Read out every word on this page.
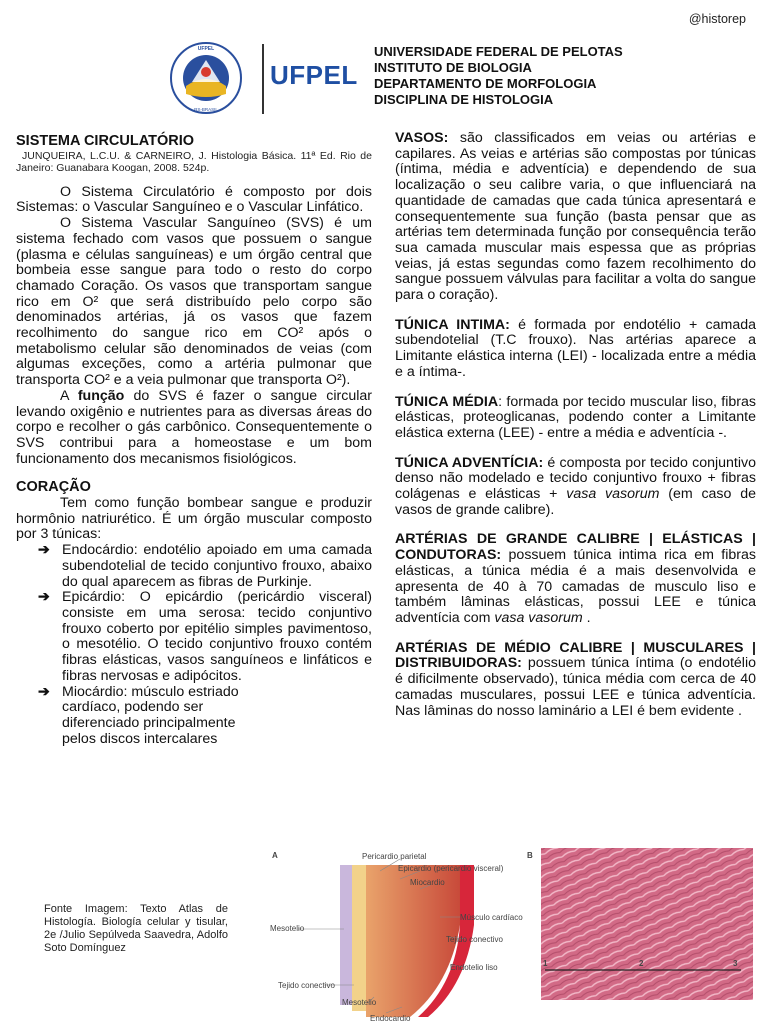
@historep
UFPEL
RS-BRASIL
UFPEL
UNIVERSIDADE FEDERAL DE PELOTAS
INSTITUTO DE BIOLOGIA
DEPARTAMENTO DE MORFOLOGIA
DISCIPLINA DE HISTOLOGIA
SISTEMA CIRCULATÓRIO

JUNQUEIRA, L.C.U. & CARNEIRO, J. Histologia Básica. 11ª Ed. Rio de Janeiro: Guanabara Koogan, 2008. 524p.

O Sistema Circulatório é composto por dois Sistemas: o Vascular Sanguíneo e o Vascular Linfático.

O Sistema Vascular Sanguíneo (SVS) é um sistema fechado com vasos que possuem o sangue (plasma e células sanguíneas) e um órgão central que bombeia esse sangue para todo o resto do corpo chamado Coração. Os vasos que transportam sangue rico em O² que será distribuído pelo corpo são denominados artérias, já os vasos que fazem recolhimento do sangue rico em CO² após o metabolismo celular são denominados de veias (com algumas exceções, como a artéria pulmonar que transporta CO² e a veia pulmonar que transporta O²).

A função do SVS é fazer o sangue circular levando oxigênio e nutrientes para as diversas áreas do corpo e recolher o gás carbônico. Consequentemente o SVS contribui para a homeostase e um bom funcionamento dos mecanismos fisiológicos.

CORAÇÃO

Tem como função bombear sangue e produzir hormônio natriurético. É um órgão muscular composto por 3 túnicas:

➔ Endocárdio: endotélio apoiado em uma camada subendotelial de tecido conjuntivo frouxo, abaixo do qual aparecem as fibras de Purkinje.
➔ Epicárdio: O epicárdio (pericárdio visceral) consiste em uma serosa: tecido conjuntivo frouxo coberto por epitélio simples pavimentoso, o mesotélio. O tecido conjuntivo frouxo contém fibras elásticas, vasos sanguíneos e linfáticos e fibras nervosas e adipócitos.
➔ Miocárdio: músculo estriado cardíaco, podendo ser diferenciado principalmente pelos discos intercalares
Fonte Imagem: Texto Atlas de Histología. Biología celular y tisular, 2e /Julio Sepúlveda Saavedra, Adolfo Soto Domínguez

VASOS: são classificados em veias ou artérias e capilares. As veias e artérias são compostas por túnicas (íntima, média e adventícia) e dependendo de sua localização o seu calibre varia, o que influenciará na quantidade de camadas que cada túnica apresentará e consequentemente sua função (basta pensar que as artérias tem determinada função por consequência terão sua camada muscular mais espessa que as próprias veias, já estas segundas como fazem recolhimento do sangue possuem válvulas para facilitar a volta do sangue para o coração).

TÚNICA INTIMA: é formada por endotélio + camada subendotelial (T.C frouxo). Nas artérias aparece a Limitante elástica interna (LEI) - localizada entre a média e a íntima-.

TÚNICA MÉDIA: formada por tecido muscular liso, fibras elásticas, proteoglicanas, podendo conter a Limitante elástica externa (LEE) - entre a média e adventícia -.

TÚNICA ADVENTÍCIA: é composta por tecido conjuntivo denso não modelado e tecido conjuntivo frouxo + fibras colágenas e elásticas + vasa vasorum (em caso de vasos de grande calibre).

ARTÉRIAS DE GRANDE CALIBRE | ELÁSTICAS | CONDUTORAS: possuem túnica intima rica em fibras elásticas, a túnica média é a mais desenvolvida e apresenta de 40 à 70 camadas de musculo liso e também lâminas elásticas, possui LEE e túnica adventícia com vasa vasorum .

ARTÉRIAS DE MÉDIO CALIBRE | MUSCULARES | DISTRIBUIDORAS: possuem túnica íntima (o endotélio é dificilmente observado), túnica média com cerca de 40 camadas musculares, possui LEE e túnica adventícia. Nas lâminas do nosso laminário a LEI é bem evidente .

A	Pericardio parietal
Epicardio (pericardio visceral)
Miocardio
Músculo cardíaco
Tejido conectivo
Endotelio liso
Mesotelio
Tejido conectivo
Mesotelio
Endocardio
B
1	2	3
